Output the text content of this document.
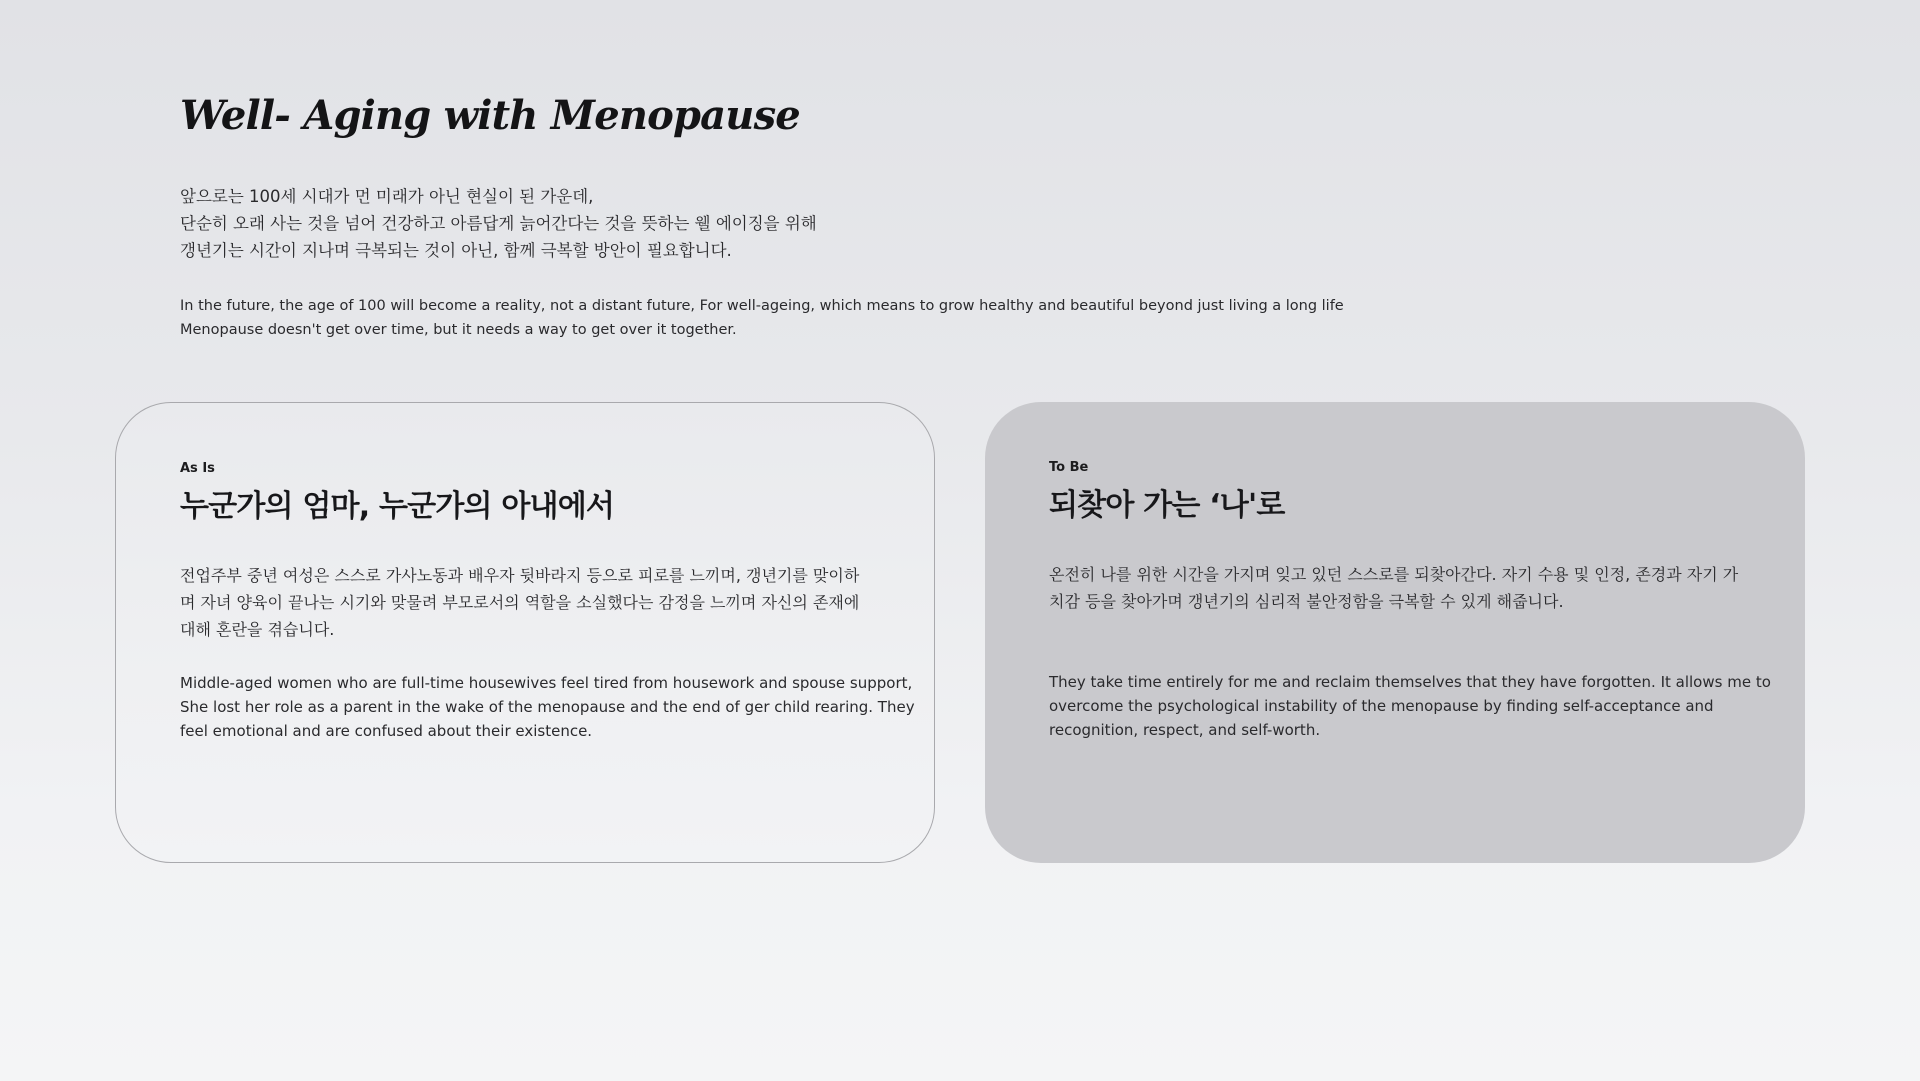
Well- Aging with Menopause
앞으로는 100세 시대가 먼 미래가 아닌 현실이 된 가운데,
단순히 오래 사는 것을 넘어 건강하고 아름답게 늙어간다는 것을 뜻하는 웰 에이징을 위해
갱년기는 시간이 지나며 극복되는 것이 아닌, 함께 극복할 방안이 필요합니다.
In the future, the age of 100 will become a reality, not a distant future, For well-ageing, which means to grow healthy and beautiful beyond just living a long life
Menopause doesn't get over time, but it needs a way to get over it together.
As Is
누군가의 엄마, 누군가의 아내에서
전업주부 중년 여성은 스스로 가사노동과 배우자 뒷바라지 등으로 피로를 느끼며, 갱년기를 맞이하
며 자녀 양육이 끝나는 시기와 맞물려 부모로서의 역할을 소실했다는 감정을 느끼며 자신의 존재에
대해 혼란을 겪습니다.
Middle-aged women who are full-time housewives feel tired from housework and spouse support,
She lost her role as a parent in the wake of the menopause and the end of ger child rearing. They
feel emotional and are confused about their existence.
To Be
되찾아 가는 ‘나'로
온전히 나를 위한 시간을 가지며 잊고 있던 스스로를 되찾아간다. 자기 수용 및 인정, 존경과 자기 가
치감 등을 찾아가며 갱년기의 심리적 불안정함을 극복할 수 있게 해줍니다.
They take time entirely for me and reclaim themselves that they have forgotten. It allows me to
overcome the psychological instability of the menopause by finding self-acceptance and
recognition, respect, and self-worth.
